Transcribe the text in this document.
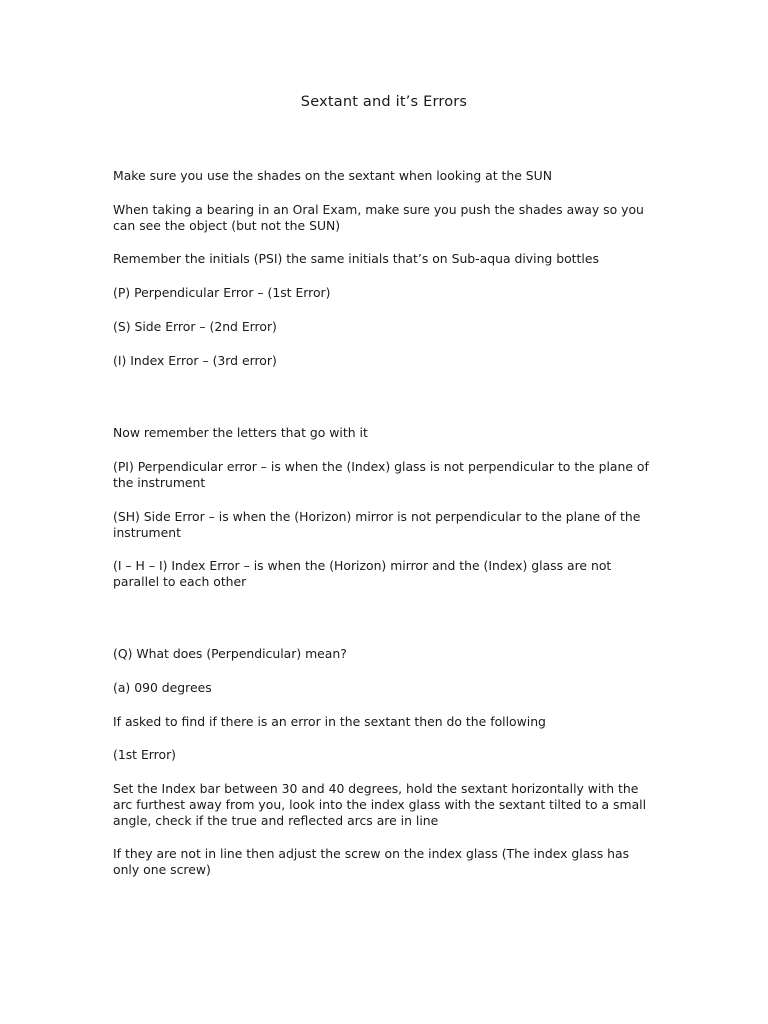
Sextant and it’s Errors

Make sure you use the shades on the sextant when looking at the SUN

When taking a bearing in an Oral Exam, make sure you push the shades away so you can see the object (but not the SUN)

Remember the initials (PSI) the same initials that’s on Sub-aqua diving bottles

(P) Perpendicular Error – (1st Error)

(S) Side Error – (2nd Error)

(I) Index Error – (3rd error)

Now remember the letters that go with it

(PI) Perpendicular error – is when the (Index) glass is not perpendicular to the plane of the instrument

(SH) Side Error – is when the (Horizon) mirror is not perpendicular to the plane of the instrument

(I – H – I) Index Error – is when the (Horizon) mirror and the (Index) glass are not parallel to each other

(Q) What does (Perpendicular) mean?

(a) 090 degrees

If asked to find if there is an error in the sextant then do the following

(1st Error)

Set the Index bar between 30 and 40 degrees, hold the sextant horizontally with the arc furthest away from you, look into the index glass with the sextant tilted to a small angle, check if the true and reflected arcs are in line

If they are not in line then adjust the screw on the index glass (The index glass has only one screw)
